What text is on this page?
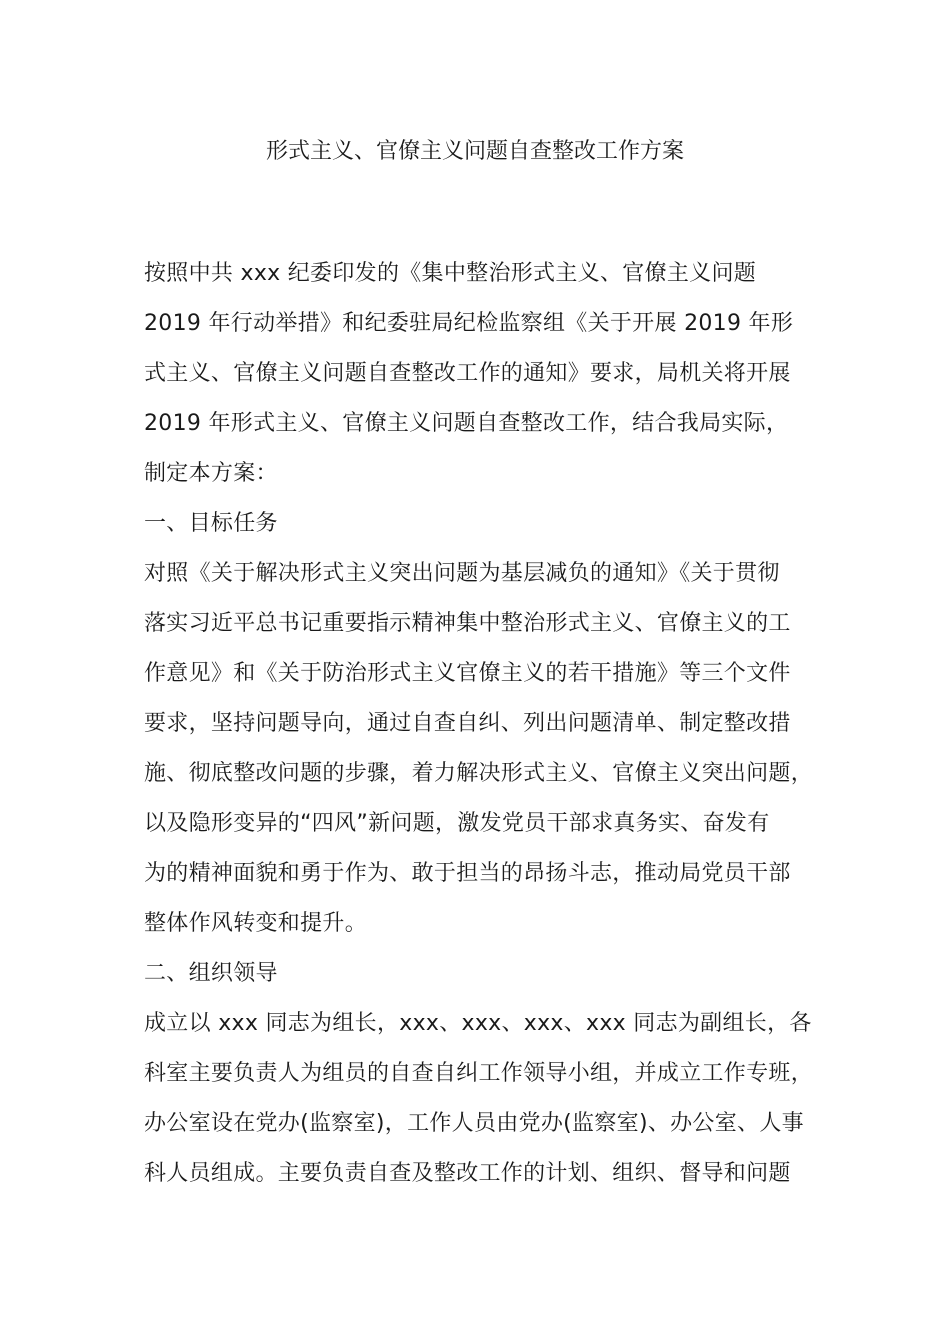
形式主义、官僚主义问题自查整改工作方案
按照中共 xxx 纪委印发的《集中整治形式主义、官僚主义问题
2019 年行动举措》和纪委驻局纪检监察组《关于开展 2019 年形
式主义、官僚主义问题自查整改工作的通知》要求，局机关将开展
2019 年形式主义、官僚主义问题自查整改工作，结合我局实际，
制定本方案：
一、目标任务
对照《关于解决形式主义突出问题为基层减负的通知》《关于贯彻
落实习近平总书记重要指示精神集中整治形式主义、官僚主义的工
作意见》和《关于防治形式主义官僚主义的若干措施》等三个文件
要求，坚持问题导向，通过自查自纠、列出问题清单、制定整改措
施、彻底整改问题的步骤，着力解决形式主义、官僚主义突出问题，
以及隐形变异的“四风”新问题，激发党员干部求真务实、奋发有
为的精神面貌和勇于作为、敢于担当的昂扬斗志，推动局党员干部
整体作风转变和提升。
二、组织领导
成立以 xxx 同志为组长，xxx、xxx、xxx、xxx 同志为副组长，各
科室主要负责人为组员的自查自纠工作领导小组，并成立工作专班，
办公室设在党办(监察室)，工作人员由党办(监察室)、办公室、人事
科人员组成。主要负责自查及整改工作的计划、组织、督导和问题
